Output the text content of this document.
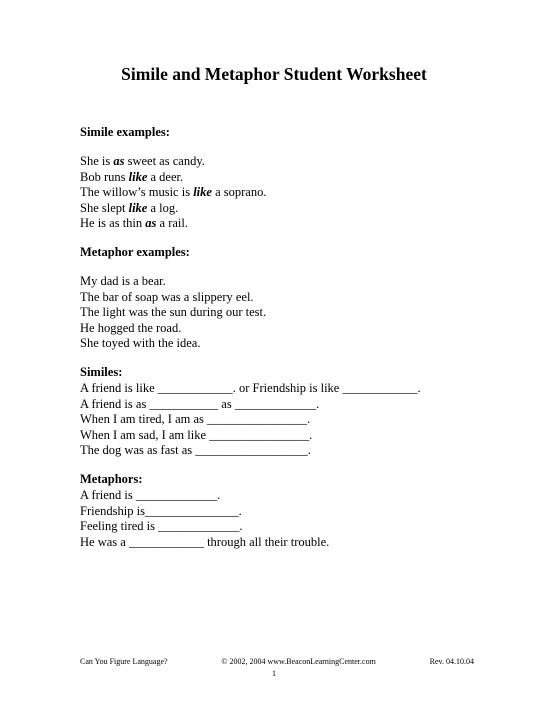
Simile and Metaphor Student Worksheet
Simile examples:
She is as sweet as candy.
Bob runs like a deer.
The willow’s music is like a soprano.
She slept like a log.
He is as thin as a rail.
Metaphor examples:
My dad is a bear.
The bar of soap was a slippery eel.
The light was the sun during our test.
He hogged the road.
She toyed with the idea.
Similes:
A friend is like ____________. or Friendship is like ____________.
A friend is as ___________ as _____________.
When I am tired, I am as ________________.
When I am sad, I am like ________________.
The dog was as fast as __________________.
Metaphors:
A friend is _____________.
Friendship is_______________.
Feeling tired is _____________.
He was a ____________ through all their trouble.
Can You Figure Language?	© 2002, 2004 www.BeaconLearningCenter.com	Rev. 04.10.04
1
